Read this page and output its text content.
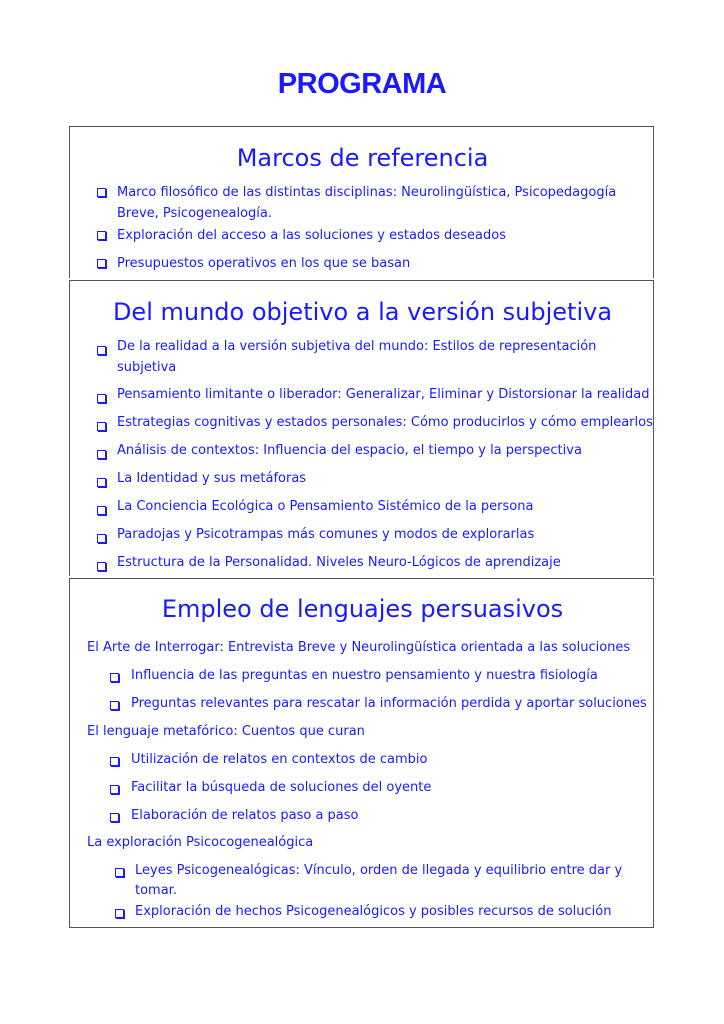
PROGRAMA
Marcos de referencia
Marco filosófico de las distintas disciplinas: Neurolingüística, Psicopedagogía
Breve, Psicogenealogía.
Exploración del acceso a las soluciones y estados deseados
Presupuestos operativos en los que se basan
Del mundo objetivo a la versión subjetiva
De la realidad a la versión subjetiva del mundo: Estilos de representación
subjetiva
Pensamiento limitante o liberador: Generalizar, Eliminar y Distorsionar la realidad
Estrategias cognitivas y estados personales: Cómo producirlos y cómo emplearlos
Análisis de contextos: Influencia del espacio, el tiempo y la perspectiva
La Identidad y sus metáforas
La Conciencia Ecológica o Pensamiento Sistémico de la persona
Paradojas y Psicotrampas más comunes y modos de explorarlas
Estructura de la Personalidad. Niveles Neuro-Lógicos de aprendizaje
Empleo de lenguajes persuasivos
El Arte de Interrogar: Entrevista Breve y Neurolingüística orientada a las soluciones
Influencia de las preguntas en nuestro pensamiento y nuestra fisiología
Preguntas relevantes para rescatar la información perdida y aportar soluciones
El lenguaje metafórico: Cuentos que curan
Utilización de relatos en contextos de cambio
Facilitar la búsqueda de soluciones del oyente
Elaboración de relatos paso a paso
La exploración Psicocogenealógica
Leyes Psicogenealógicas: Vínculo, orden de llegada y equilibrio entre dar y
tomar.
Exploración de hechos Psicogenealógicos y posibles recursos de solución
